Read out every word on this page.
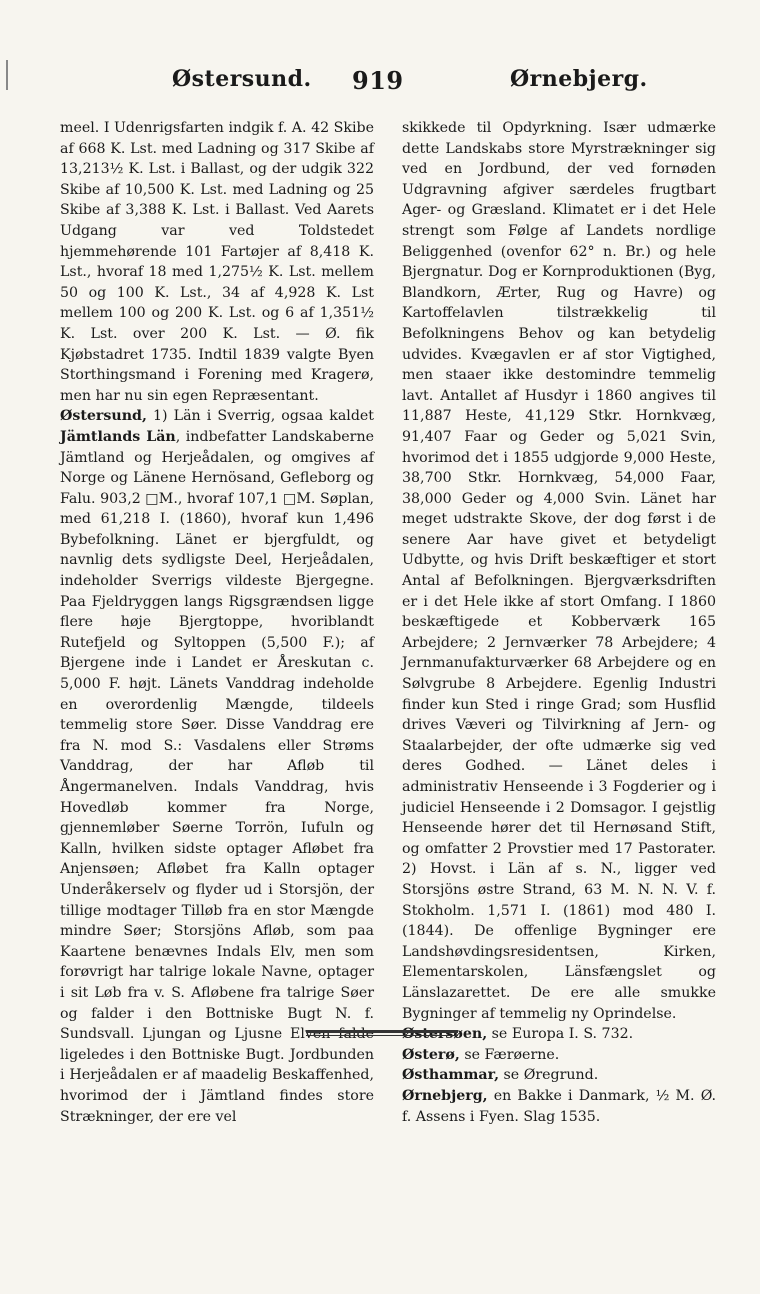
Østersund. 919	Ørnebjerg.

meel. I Udenrigsfarten indgik f. A. 42 Skibe af 668 K. Lst. med Ladning og 317 Skibe af 13,213½ K. Lst. i Ballast, og der udgik 322 Skibe af 10,500 K. Lst. med Ladning og 25 Skibe af 3,388 K. Lst. i Ballast. Ved Aarets Udgang var ved Toldstedet hjemmehørende 101 Fartøjer af 8,418 K. Lst., hvoraf 18 med 1,275½ K. Lst. mellem 50 og 100 K. Lst., 34 af 4,928 K. Lst mellem 100 og 200 K. Lst. og 6 af 1,351½ K. Lst. over 200 K. Lst. — Ø. fik Kjøbstadret 1735. Indtil 1839 valgte Byen Storthingsmand i Forening med Kragerø, men har nu sin egen Repræsentant.

Østersund, 1) Län i Sverrig, ogsaa kaldet Jämtlands Län, indbefatter Landskaberne Jämtland og Herjeådalen, og omgives af Norge og Länene Hernösand, Gefleborg og Falu. 903,2 □M., hvoraf 107,1 □M. Søplan, med 61,218 I. (1860), hvoraf kun 1,496 Bybefolkning. Länet er bjergfuldt, og navnlig dets sydligste Deel, Herjeådalen, indeholder Sverrigs vildeste Bjergegne. Paa Fjeldryggen langs Rigsgrændsen ligge flere høje Bjergtoppe, hvoriblandt Rutefjeld og Syltoppen (5,500 F.); af Bjergene inde i Landet er Åreskutan c. 5,000 F. højt. Länets Vanddrag indeholde en overordenlig Mængde, tildeels temmelig store Søer. Disse Vanddrag ere fra N. mod S.: Vasdalens eller Strøms Vanddrag, der har Afløb til Ångermanelven. Indals Vanddrag, hvis Hovedløb kommer fra Norge, gjennemløber Søerne Torrön, Iufuln og Kalln, hvilken sidste optager Afløbet fra Anjensøen; Afløbet fra Kalln optager Underåkerselv og flyder ud i Storsjön, der tillige modtager Tilløb fra en stor Mængde mindre Søer; Storsjöns Afløb, som paa Kaartene benævnes Indals Elv, men som forøvrigt har talrige lokale Navne, optager i sit Løb fra v. S. Afløbene fra talrige Søer og falder i den Bottniske Bugt N. f. Sundsvall. Ljungan og Ljusne Elven falde ligeledes i den Bottniske Bugt. Jordbunden i Herjeådalen er af maadelig Beskaffenhed, hvorimod der i Jämtland findes store Strækninger, der ere vel

skikkede til Opdyrkning. Især udmærke dette Landskabs store Myrstrækninger sig ved en Jordbund, der ved fornøden Udgravning afgiver særdeles frugtbart Ager- og Græsland. Klimatet er i det Hele strengt som Følge af Landets nordlige Beliggenhed (ovenfor 62° n. Br.) og hele Bjergnatur. Dog er Kornproduktionen (Byg, Blandkorn, Ærter, Rug og Havre) og Kartoffelavlen tilstrækkelig til Befolkningens Behov og kan betydelig udvides. Kvægavlen er af stor Vigtighed, men staaer ikke destomindre temmelig lavt. Antallet af Husdyr i 1860 angives til 11,887 Heste, 41,129 Stkr. Hornkvæg, 91,407 Faar og Geder og 5,021 Svin, hvorimod det i 1855 udgjorde 9,000 Heste, 38,700 Stkr. Hornkvæg, 54,000 Faar, 38,000 Geder og 4,000 Svin. Länet har meget udstrakte Skove, der dog først i de senere Aar have givet et betydeligt Udbytte, og hvis Drift beskæftiger et stort Antal af Befolkningen. Bjergværksdriften er i det Hele ikke af stort Omfang. I 1860 beskæftigede et Kobberværk 165 Arbejdere; 2 Jernværker 78 Arbejdere; 4 Jernmanufakturværker 68 Arbejdere og en Sølvgrube 8 Arbejdere. Egenlig Industri finder kun Sted i ringe Grad; som Husflid drives Væveri og Tilvirkning af Jern- og Staalarbejder, der ofte udmærke sig ved deres Godhed. — Länet deles i administrativ Henseende i 3 Fogderier og i judiciel Henseende i 2 Domsagor. I gejstlig Henseende hører det til Hernøsand Stift, og omfatter 2 Provstier med 17 Pastorater. 2) Hovst. i Län af s. N., ligger ved Storsjöns østre Strand, 63 M. N. N. V. f. Stokholm. 1,571 I. (1861) mod 480 I. (1844). De offenlige Bygninger ere Landshøvdingsresidentsen, Kirken, Elementarskolen, Länsfængslet og Länslazarettet. De ere alle smukke Bygninger af temmelig ny Oprindelse.

Østersøen, se Europa I. S. 732.

Østerø, se Færøerne.

Østhammar, se Øregrund.

Ørnebjerg, en Bakke i Danmark, ½ M. Ø. f. Assens i Fyen. Slag 1535.
